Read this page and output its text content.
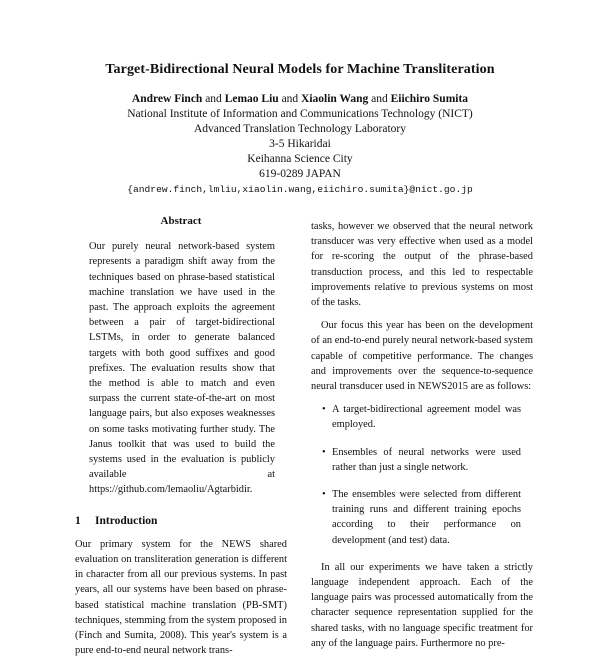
Target-Bidirectional Neural Models for Machine Transliteration
Andrew Finch and Lemao Liu and Xiaolin Wang and Eiichiro Sumita
National Institute of Information and Communications Technology (NICT)
Advanced Translation Technology Laboratory
3-5 Hikaridai
Keihanna Science City
619-0289 JAPAN
{andrew.finch,lmliu,xiaolin.wang,eiichiro.sumita}@nict.go.jp
Abstract

Our purely neural network-based system represents a paradigm shift away from the techniques based on phrase-based statistical machine translation we have used in the past. The approach exploits the agreement between a pair of target-bidirectional LSTMs, in order to generate balanced targets with both good suffixes and good prefixes. The evaluation results show that the method is able to match and even surpass the current state-of-the-art on most language pairs, but also exposes weaknesses on some tasks motivating further study. The Janus toolkit that was used to build the systems used in the evaluation is publicly available at https://github.com/lemaoliu/Agtarbidir.

1 Introduction

Our primary system for the NEWS shared evaluation on transliteration generation is different in character from all our previous systems. In past years, all our systems have been based on phrase-based statistical machine translation (PB-SMT) techniques, stemming from the system proposed in (Finch and Sumita, 2008). This year's system is a pure end-to-end neural network trans-

tasks, however we observed that the neural network transducer was very effective when used as a model for re-scoring the output of the phrase-based transduction process, and this led to respectable improvements relative to previous systems on most of the tasks.

Our focus this year has been on the development of an end-to-end purely neural network-based system capable of competitive performance. The changes and improvements over the sequence-to-sequence neural transducer used in NEWS2015 are as follows:

• A target-bidirectional agreement model was employed.
• Ensembles of neural networks were used rather than just a single network.
• The ensembles were selected from different training runs and different training epochs according to their performance on development (and test) data.

In all our experiments we have taken a strictly language independent approach. Each of the language pairs was processed automatically from the character sequence representation supplied for the shared tasks, with no language specific treatment for any of the language pairs. Furthermore no pre-
